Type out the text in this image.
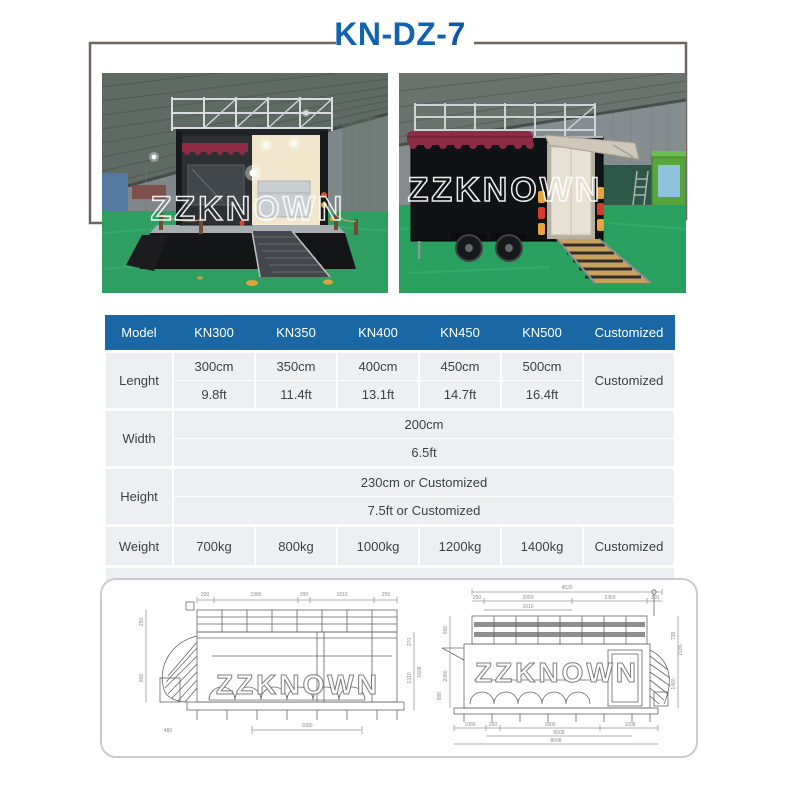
KN-DZ-7
ZZKNOWN ZZKNOWN
Model	KN300	KN350	KN400	KN450	KN500	Customized
Lenght	300cm	350cm	400cm	450cm	500cm	Customized
	9.8ft	11.4ft	13.1ft	14.7ft	16.4ft	
Width	200cm					
	6.5ft					
Height	230cm or Customized					
	7.5ft or Customized					
Weight	700kg	800kg	1000kg	1200kg	1400kg	Customized

200	1980	290	1610	250
250
800
270
1310
1608
480
1080
ZZKNOWN
4520
250	2050	2360	300
1610
600
2080
800
2185
728
1480
1080	260	1800	1008
6608
8608
ZZKNOWN
